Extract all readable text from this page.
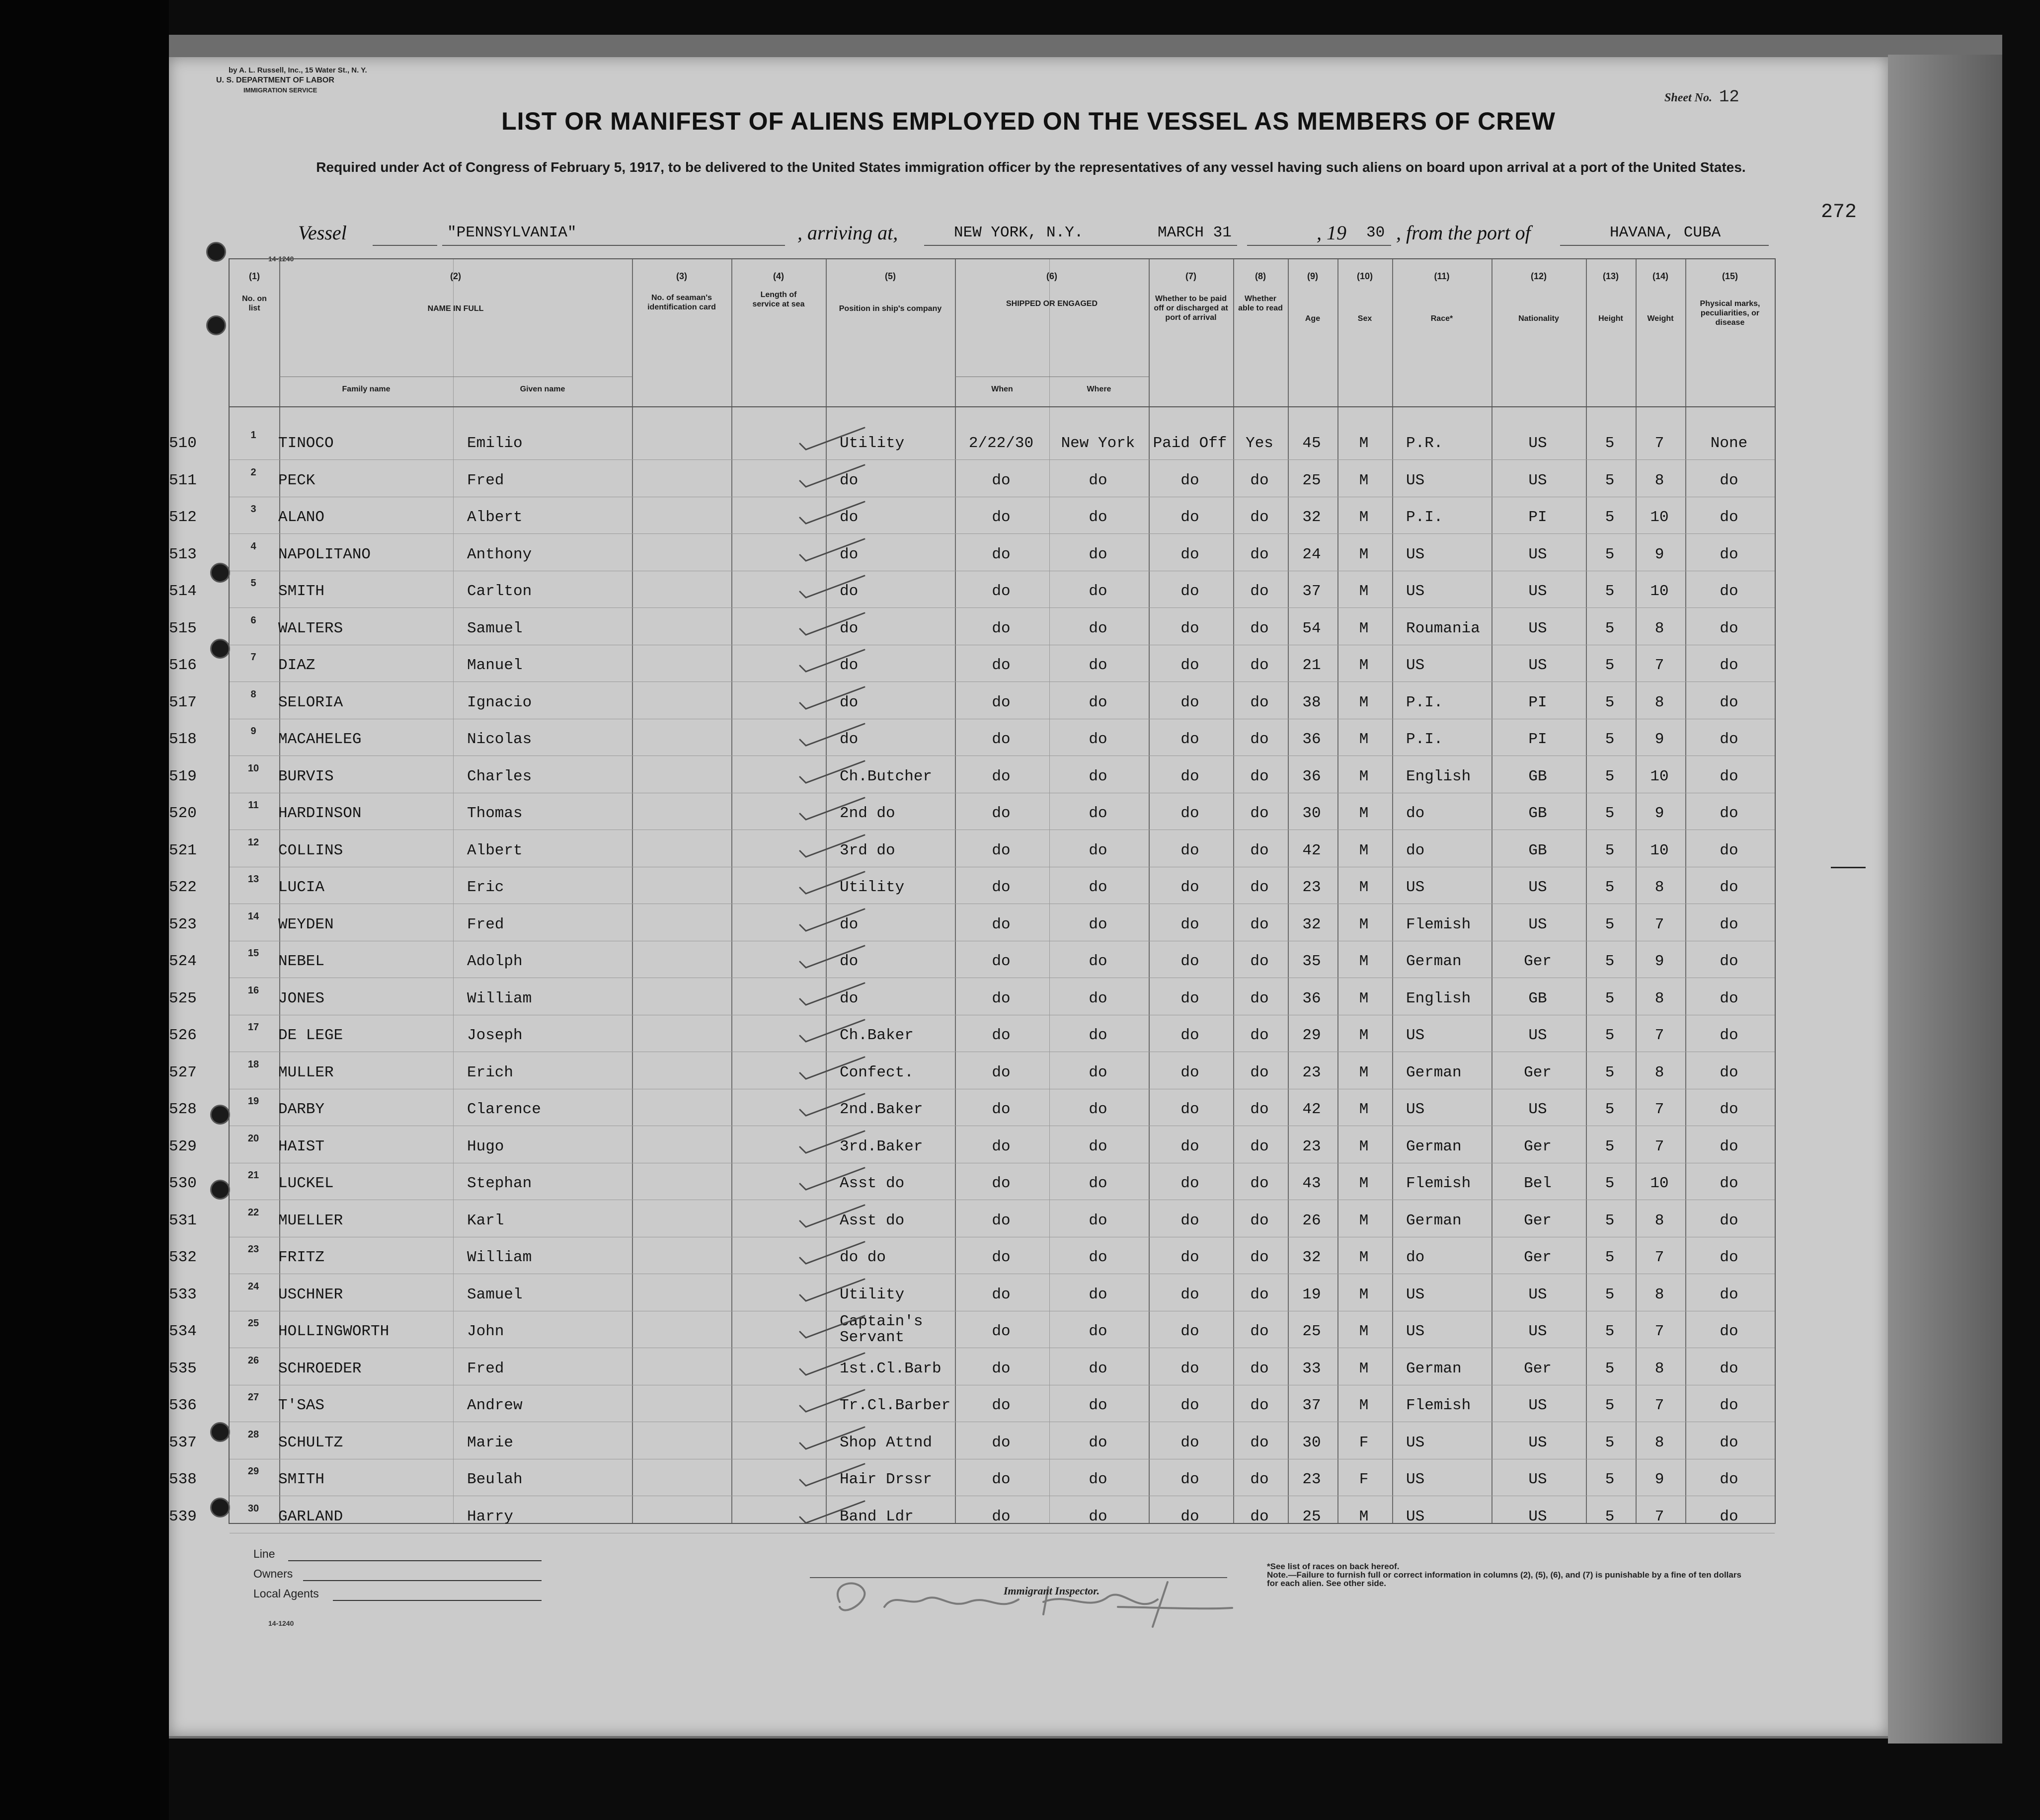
by A. L. Russell, Inc., 15 Water St., N. Y.
U. S. DEPARTMENT OF LABOR
IMMIGRATION SERVICE
Sheet No. 12
LIST OR MANIFEST OF ALIENS EMPLOYED ON THE VESSEL AS MEMBERS OF CREW
Required under Act of Congress of February 5, 1917, to be delivered to the United States immigration officer by the representatives of any vessel having such aliens on board upon arrival at a port of the United States.
272
Vessel	"PENNSYLVANIA"	, arriving at,	NEW YORK, N.Y.	MARCH 31	, 19 30 , from the port of	HAVANA, CUBA
14-1240
(1)	(2)	(3)	(4)	(5)	(6)	(7)	(8)	(9)	(10)	(11)	(12)	(13)	(14)	(15)
No. on list	NAME IN FULL
Family name	Given name
No. of seaman's identification card
Length of service at sea
Position in ship's company
SHIPPED OR ENGAGED
When	Where
Whether to be paid off or discharged at port of arrival
Whether able to read
Age	Sex	Race*	Nationality	Height	Weight
Physical marks, peculiarities, or disease
1
510	TINOCO	Emilio	Utility	2/22/30	New York	Paid Off	Yes	45	M	P.R.	US	5	7	None
2
511	PECK	Fred	do	do	do	do	do	25	M	US	US	5	8	do
3
512	ALANO	Albert	do	do	do	do	do	32	M	P.I.	PI	5	10	do
4
513	NAPOLITANO	Anthony	do	do	do	do	do	24	M	US	US	5	9	do
5
514	SMITH	Carlton	do	do	do	do	do	37	M	US	US	5	10	do
6
515	WALTERS	Samuel	do	do	do	do	do	54	M	Roumania	US	5	8	do
7
516	DIAZ	Manuel	do	do	do	do	do	21	M	US	US	5	7	do
8
517	SELORIA	Ignacio	do	do	do	do	do	38	M	P.I.	PI	5	8	do
9
518	MACAHELEG	Nicolas	do	do	do	do	do	36	M	P.I.	PI	5	9	do
10
519	BURVIS	Charles	Ch.Butcher	do	do	do	do	36	M	English	GB	5	10	do
11
520	HARDINSON	Thomas	2nd do	do	do	do	do	30	M	do	GB	5	9	do
12
521	COLLINS	Albert	3rd do	do	do	do	do	42	M	do	GB	5	10	do
13
522	LUCIA	Eric	Utility	do	do	do	do	23	M	US	US	5	8	do
14
523	WEYDEN	Fred	do	do	do	do	do	32	M	Flemish	US	5	7	do
15
524	NEBEL	Adolph	do	do	do	do	do	35	M	German	Ger	5	9	do
16
525	JONES	William	do	do	do	do	do	36	M	English	GB	5	8	do
17
526	DE LEGE	Joseph	Ch.Baker	do	do	do	do	29	M	US	US	5	7	do
18
527	MULLER	Erich	Confect.	do	do	do	do	23	M	German	Ger	5	8	do
19
528	DARBY	Clarence	2nd.Baker	do	do	do	do	42	M	US	US	5	7	do
20
529	HAIST	Hugo	3rd.Baker	do	do	do	do	23	M	German	Ger	5	7	do
21
530	LUCKEL	Stephan	Asst do	do	do	do	do	43	M	Flemish	Bel	5	10	do
22
531	MUELLER	Karl	Asst do	do	do	do	do	26	M	German	Ger	5	8	do
23
532	FRITZ	William	do do	do	do	do	do	32	M	do	Ger	5	7	do
24
533	USCHNER	Samuel	Utility	do	do	do	do	19	M	US	US	5	8	do
25
534	HOLLINGWORTH	John
Captain's Servant	do	do	do	do	25	M	US	US	5	7	do
26
535	SCHROEDER	Fred	1st.Cl.Barb	do	do	do	do	33	M	German	Ger	5	8	do
27
536	T'SAS	Andrew	Tr.Cl.Barber	do	do	do	do	37	M	Flemish	US	5	7	do
28
537	SCHULTZ	Marie	Shop Attnd	do	do	do	do	30	F	US	US	5	8	do
29
538	SMITH	Beulah	Hair Drssr	do	do	do	do	23	F	US	US	5	9	do
30
539	GARLAND	Harry	Band Ldr	do	do	do	do	25	M	US	US	5	7	do
Line
Owners
Local Agents
14-1240
George V. Kelly
Immigrant Inspector.
*See list of races on back hereof.
Note.—Failure to furnish full or correct information in columns (2), (5), (6), and (7) is punishable by a fine of ten dollars for each alien. See other side.
